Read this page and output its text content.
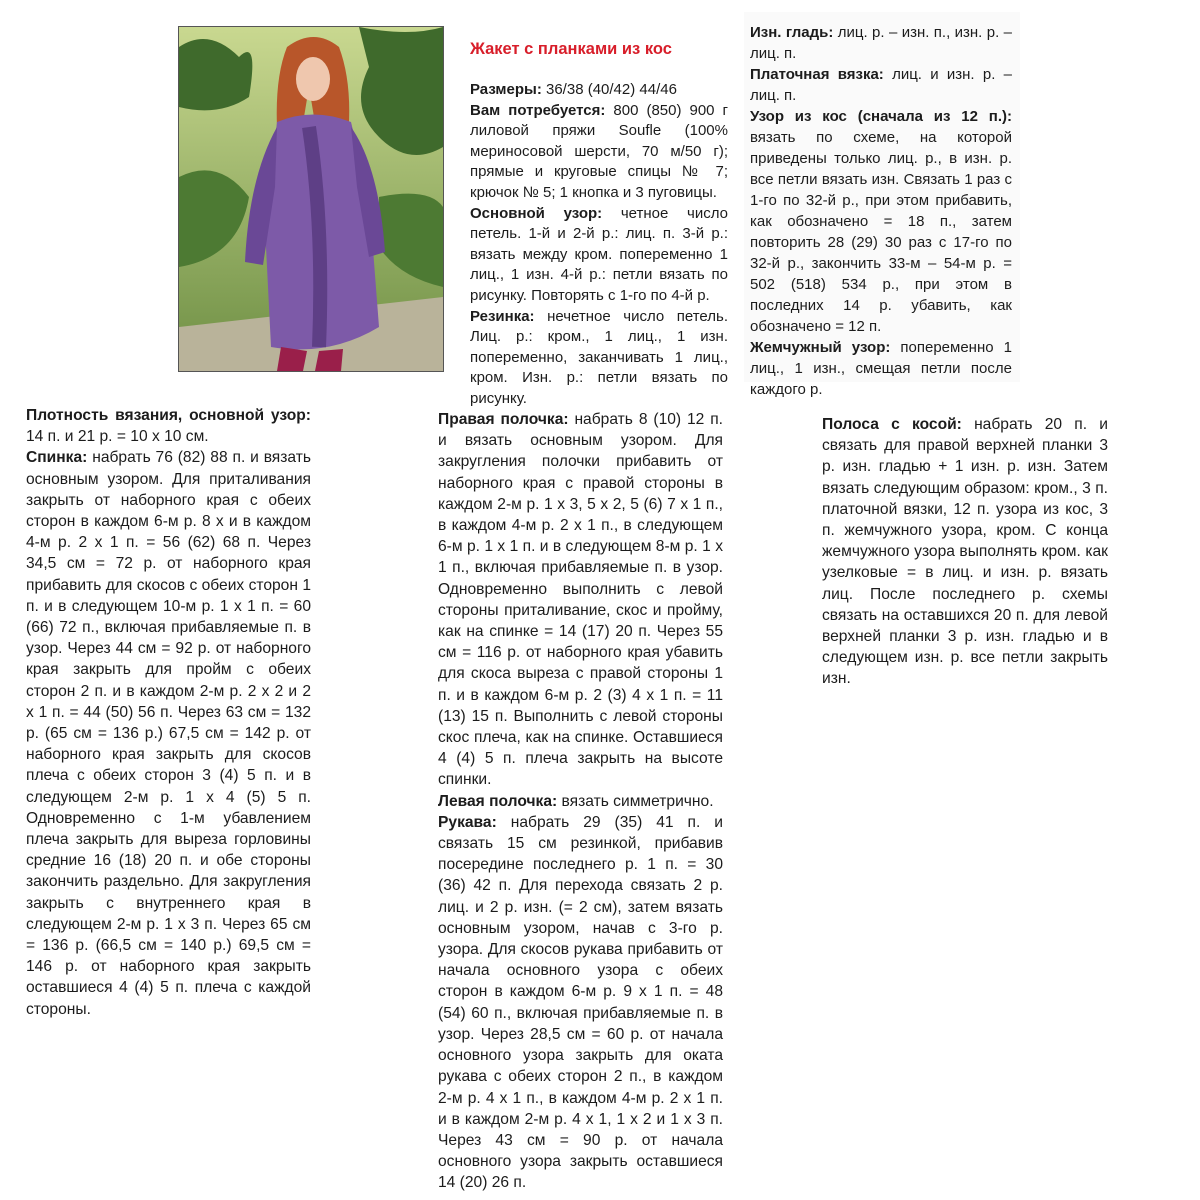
Жакет с планками из кос

Размеры: 36/38 (40/42) 44/46

Вам потребуется: 800 (850) 900 г лиловой пряжи Soufle (100% мериносовой шерсти, 70 м/50 г); прямые и круговые спицы № 7; крючок № 5; 1 кнопка и 3 пуговицы.

Основной узор: четное число петель. 1-й и 2-й р.: лиц. п. 3-й р.: вязать между кром. попеременно 1 лиц., 1 изн. 4-й р.: петли вязать по рисунку. Повторять с 1-го по 4-й р.

Резинка: нечетное число петель. Лиц. р.: кром., 1 лиц., 1 изн. попеременно, заканчивать 1 лиц., кром. Изн. р.: петли вязать по рисунку.

Изн. гладь: лиц. р. – изн. п., изн. р. – лиц. п.

Платочная вязка: лиц. и изн. р. – лиц. п.

Узор из кос (сначала из 12 п.): вязать по схеме, на которой приведены только лиц. р., в изн. р. все петли вязать изн. Связать 1 раз с 1-го по 32-й р., при этом прибавить, как обозначено = 18 п., затем повторить 28 (29) 30 раз с 17-го по 32-й р., закончить 33-м – 54-м р. = 502 (518) 534 р., при этом в последних 14 р. убавить, как обозначено = 12 п.

Жемчужный узор: попеременно 1 лиц., 1 изн., смещая петли после каждого р.

Плотность вязания, основной узор: 14 п. и 21 р. = 10 х 10 см.

Спинка: набрать 76 (82) 88 п. и вязать основным узором. Для приталивания закрыть от наборного края с обеих сторон в каждом 6-м р. 8 х и в каждом 4-м р. 2 х 1 п. = 56 (62) 68 п. Через 34,5 см = 72 р. от наборного края прибавить для скосов с обеих сторон 1 п. и в следующем 10-м р. 1 х 1 п. = 60 (66) 72 п., включая прибавляемые п. в узор. Через 44 см = 92 р. от наборного края закрыть для пройм с обеих сторон 2 п. и в каждом 2-м р. 2 х 2 и 2 х 1 п. = 44 (50) 56 п. Через 63 см = 132 р. (65 см = 136 р.) 67,5 см = 142 р. от наборного края закрыть для скосов плеча с обеих сторон 3 (4) 5 п. и в следующем 2-м р. 1 х 4 (5) 5 п. Одновременно с 1-м убавлением плеча закрыть для выреза горловины средние 16 (18) 20 п. и обе стороны закончить раздельно. Для закругления закрыть с внутреннего края в следующем 2-м р. 1 х 3 п. Через 65 см = 136 р. (66,5 см = 140 р.) 69,5 см = 146 р. от наборного края закрыть оставшиеся 4 (4) 5 п. плеча с каждой стороны.

Правая полочка: набрать 8 (10) 12 п. и вязать основным узором. Для закругления полочки прибавить от наборного края с правой стороны в каждом 2-м р. 1 х 3, 5 х 2, 5 (6) 7 х 1 п., в каждом 4-м р. 2 х 1 п., в следующем 6-м р. 1 х 1 п. и в следующем 8-м р. 1 х 1 п., включая прибавляемые п. в узор. Одновременно выполнить с левой стороны приталивание, скос и пройму, как на спинке = 14 (17) 20 п. Через 55 см = 116 р. от наборного края убавить для скоса выреза с правой стороны 1 п. и в каждом 6-м р. 2 (3) 4 х 1 п. = 11 (13) 15 п. Выполнить с левой стороны скос плеча, как на спинке. Оставшиеся 4 (4) 5 п. плеча закрыть на высоте спинки.

Левая полочка: вязать симметрично.

Рукава: набрать 29 (35) 41 п. и связать 15 см резинкой, прибавив посередине последнего р. 1 п. = 30 (36) 42 п. Для перехода связать 2 р. лиц. и 2 р. изн. (= 2 см), затем вязать основным узором, начав с 3-го р. узора. Для скосов рукава прибавить от начала основного узора с обеих сторон в каждом 6-м р. 9 х 1 п. = 48 (54) 60 п., включая прибавляемые п. в узор. Через 28,5 см = 60 р. от начала основного узора закрыть для оката рукава с обеих сторон 2 п., в каждом 2-м р. 4 х 1 п., в каждом 4-м р. 2 х 1 п. и в каждом 2-м р. 4 х 1, 1 х 2 и 1 х 3 п. Через 43 см = 90 р. от начала основного узора закрыть оставшиеся 14 (20) 26 п.

Полоса с косой: набрать 20 п. и связать для правой верхней планки 3 р. изн. гладью + 1 изн. р. изн. Затем вязать следующим образом: кром., 3 п. платочной вязки, 12 п. узора из кос, 3 п. жемчужного узора, кром. С конца жемчужного узора выполнять кром. как узелковые = в лиц. и изн. р. вязать лиц. После последнего р. схемы связать на оставшихся 20 п. для левой верхней планки 3 р. изн. гладью и в следующем изн. р. все петли закрыть изн.
